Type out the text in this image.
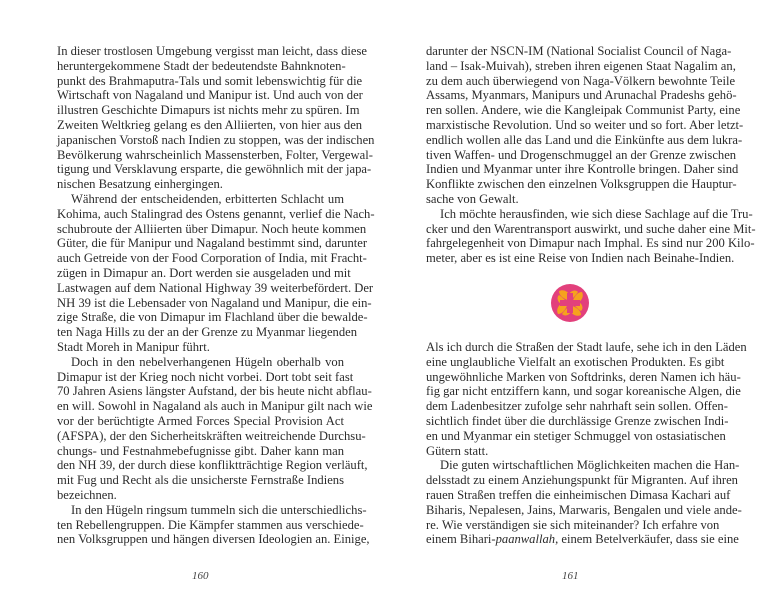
In dieser trostlosen Umgebung vergisst man leicht, dass diese
heruntergekommene Stadt der bedeutendste Bahnknoten-
punkt des Brahmaputra-Tals und somit lebenswichtig für die
Wirtschaft von Nagaland und Manipur ist. Und auch von der
illustren Geschichte Dimapurs ist nichts mehr zu spüren. Im
Zweiten Weltkrieg gelang es den Alliierten, von hier aus den
japanischen Vorstoß nach Indien zu stoppen, was der indischen
Bevölkerung wahrscheinlich Massensterben, Folter, Vergewal-
tigung und Versklavung ersparte, die gewöhnlich mit der japa-
nischen Besatzung einhergingen.
Während der entscheidenden, erbitterten Schlacht um
Kohima, auch Stalingrad des Ostens genannt, verlief die Nach-
schubroute der Alliierten über Dimapur. Noch heute kommen
Güter, die für Manipur und Nagaland bestimmt sind, darunter
auch Getreide von der Food Corporation of India, mit Fracht-
zügen in Dimapur an. Dort werden sie ausgeladen und mit
Lastwagen auf dem National Highway 39 weiterbefördert. Der
NH 39 ist die Lebensader von Nagaland und Manipur, die ein-
zige Straße, die von Dimapur im Flachland über die bewalde-
ten Naga Hills zu der an der Grenze zu Myanmar liegenden
Stadt Moreh in Manipur führt.
Doch in den nebelverhangenen Hügeln oberhalb von
Dimapur ist der Krieg noch nicht vorbei. Dort tobt seit fast
70 Jahren Asiens längster Aufstand, der bis heute nicht abflau-
en will. Sowohl in Nagaland als auch in Manipur gilt nach wie
vor der berüchtigte Armed Forces Special Provision Act
(AFSPA), der den Sicherheitskräften weitreichende Durchsu-
chungs- und Festnahmebefugnisse gibt. Daher kann man
den NH 39, der durch diese konfliktträchtige Region verläuft,
mit Fug und Recht als die unsicherste Fernstraße Indiens
bezeichnen.
In den Hügeln ringsum tummeln sich die unterschiedlichs-
ten Rebellengruppen. Die Kämpfer stammen aus verschiede-
nen Volksgruppen und hängen diversen Ideologien an. Einige,
darunter der NSCN-IM (National Socialist Council of Naga-
land – Isak-Muivah), streben ihren eigenen Staat Nagalim an,
zu dem auch überwiegend von Naga-Völkern bewohnte Teile
Assams, Myanmars, Manipurs und Arunachal Pradeshs gehö-
ren sollen. Andere, wie die Kangleipak Communist Party, eine
marxistische Revolution. Und so weiter und so fort. Aber letzt-
endlich wollen alle das Land und die Einkünfte aus dem lukra-
tiven Waffen- und Drogenschmuggel an der Grenze zwischen
Indien und Myanmar unter ihre Kontrolle bringen. Daher sind
Konflikte zwischen den einzelnen Volksgruppen die Hauptur-
sache von Gewalt.
Ich möchte herausfinden, wie sich diese Sachlage auf die Tru-
cker und den Warentransport auswirkt, und suche daher eine Mit-
fahrgelegenheit von Dimapur nach Imphal. Es sind nur 200 Kilo-
meter, aber es ist eine Reise von Indien nach Beinahe-Indien.
Als ich durch die Straßen der Stadt laufe, sehe ich in den Läden
eine unglaubliche Vielfalt an exotischen Produkten. Es gibt
ungewöhnliche Marken von Softdrinks, deren Namen ich häu-
fig gar nicht entziffern kann, und sogar koreanische Algen, die
dem Ladenbesitzer zufolge sehr nahrhaft sein sollen. Offen-
sichtlich findet über die durchlässige Grenze zwischen Indi-
en und Myanmar ein stetiger Schmuggel von ostasiatischen
Gütern statt.
Die guten wirtschaftlichen Möglichkeiten machen die Han-
delsstadt zu einem Anziehungspunkt für Migranten. Auf ihren
rauen Straßen treffen die einheimischen Dimasa Kachari auf
Biharis, Nepalesen, Jains, Marwaris, Bengalen und viele ande-
re. Wie verständigen sie sich miteinander? Ich erfahre von
einem Bihari-paanwallah, einem Betelverkäufer, dass sie eine
160	161
